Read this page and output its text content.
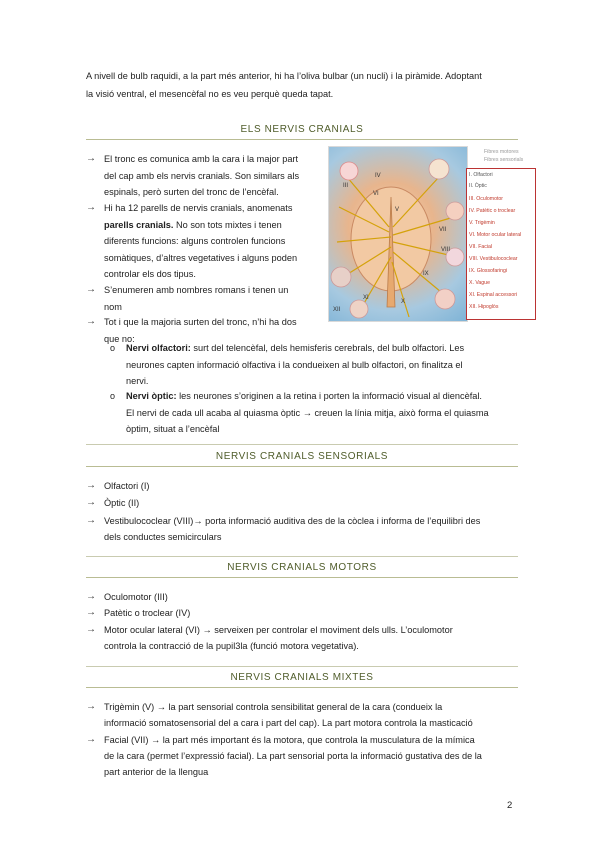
A nivell de bulb raquidi, a la part més anterior, hi ha l’oliva bulbar (un nucli) i la piràmide. Adoptant
la visió ventral, el mesencèfal no es veu perquè queda tapat.
ELS NERVIS CRANIALS
→ El tronc es comunica amb la cara i la major part
del cap amb els nervis cranials. Son similars als
espinals, però surten del tronc de l’encèfal.
→ Hi ha 12 parells de nervis cranials, anomenats
parells cranials. No son tots mixtes i tenen
diferents funcions: alguns controlen funcions
somàtiques, d’altres vegetatives i alguns poden
controlar els dos tipus.
→ S’enumeren amb nombres romans i tenen un
nom
→ Tot i que la majoria surten del tronc, n’hi ha dos
que no:
o Nervi olfactori: surt del telencèfal, dels hemisferis cerebrals, del bulb olfactori. Les
neurones capten informació olfactiva i la condueixen al bulb olfactori, on finalitza el
nervi.
o Nervi òptic: les neurones s’originen a la retina i porten la informació visual al diencèfal.
El nervi de cada ull acaba al quiasma òptic → creuen la línia mitja, això forma el quiasma
òptim, situat a l’encèfal
III
IV
V
VI
VII
VIII
IX
X
XI
XII
Fibres motores
Fibres sensorials
I. Olfactori
II. Òptic
III. Oculomotor
IV. Patètic o troclear
V. Trigèmin
VI. Motor ocular lateral
VII. Facial
VIII. Vestibulococlear
IX. Glossofaringi
X. Vague
XI. Espinal accessori
XII. Hipoglòs
NERVIS CRANIALS SENSORIALS
→ Olfactori (I)
→ Òptic (II)
→ Vestibulococlear (VIII)→ porta informació auditiva des de la còclea i informa de l’equilibri des
dels conductes semicirculars
NERVIS CRANIALS MOTORS
→ Oculomotor (III)
→ Patètic o troclear (IV)
→ Motor ocular lateral (VI) → serveixen per controlar el moviment dels ulls. L’oculomotor
controla la contracció de la pupil3la (funció motora vegetativa).
NERVIS CRANIALS MIXTES
→ Trigèmin (V) → la part sensorial controla sensibilitat general de la cara (condueix la
informació somatosensorial del a cara i part del cap). La part motora controla la masticació
→ Facial (VII) → la part més important és la motora, que controla la musculatura de la mímica
de la cara (permet l’expressió facial). La part sensorial porta la informació gustativa des de la
part anterior de la llengua
2
